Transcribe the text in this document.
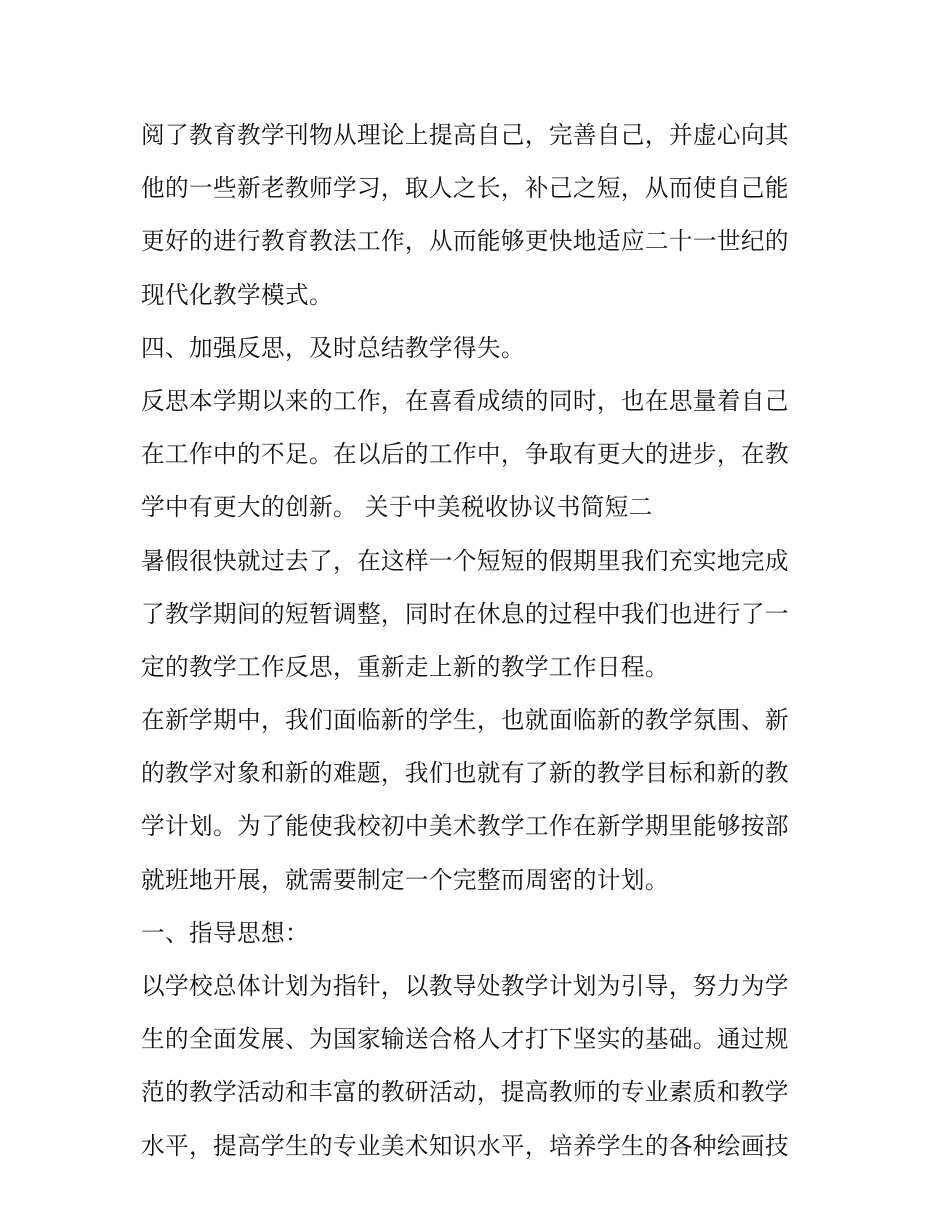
阅了教育教学刊物从理论上提高自己，完善自己，并虚心向其
他的一些新老教师学习，取人之长，补己之短，从而使自己能
更好的进行教育教法工作，从而能够更快地适应二十一世纪的
现代化教学模式。
四、加强反思，及时总结教学得失。
反思本学期以来的工作，在喜看成绩的同时，也在思量着自己
在工作中的不足。在以后的工作中，争取有更大的进步，在教
学中有更大的创新。 关于中美税收协议书简短二
暑假很快就过去了，在这样一个短短的假期里我们充实地完成
了教学期间的短暂调整，同时在休息的过程中我们也进行了一
定的教学工作反思，重新走上新的教学工作日程。
在新学期中，我们面临新的学生，也就面临新的教学氛围、新
的教学对象和新的难题，我们也就有了新的教学目标和新的教
学计划。为了能使我校初中美术教学工作在新学期里能够按部
就班地开展，就需要制定一个完整而周密的计划。
一、指导思想：
以学校总体计划为指针，以教导处教学计划为引导，努力为学
生的全面发展、为国家输送合格人才打下坚实的基础。通过规
范的教学活动和丰富的教研活动，提高教师的专业素质和教学
水平，提高学生的专业美术知识水平，培养学生的各种绘画技
